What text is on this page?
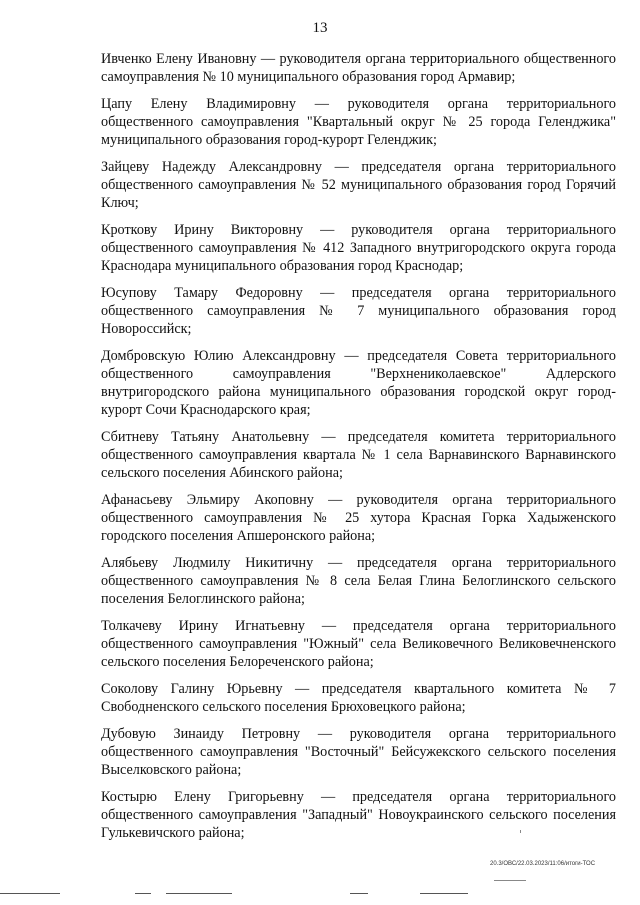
13

Ивченко Елену Ивановну — руководителя органа территориального общественного самоуправления № 10 муниципального образования город Армавир;

Цапу Елену Владимировну — руководителя органа территориального общественного самоуправления "Квартальный округ № 25 города Геленджика" муниципального образования город-курорт Геленджик;

Зайцеву Надежду Александровну — председателя органа территориального общественного самоуправления № 52 муниципального образования город Горячий Ключ;

Кроткову Ирину Викторовну — руководителя органа территориального общественного самоуправления № 412 Западного внутригородского округа города Краснодара муниципального образования город Краснодар;

Юсупову Тамару Федоровну — председателя органа территориального общественного самоуправления № 7 муниципального образования город Новороссийск;

Домбровскую Юлию Александровну — председателя Совета территориального общественного самоуправления "Верхнениколаевское" Адлерского внутригородского района муниципального образования городской округ город-курорт Сочи Краснодарского края;

Сбитневу Татьяну Анатольевну — председателя комитета территориального общественного самоуправления квартала № 1 села Варнавинского Варнавинского сельского поселения Абинского района;

Афанасьеву Эльмиру Акоповну — руководителя органа территориального общественного самоуправления № 25 хутора Красная Горка Хадыженского городского поселения Апшеронского района;

Алябьеву Людмилу Никитичну — председателя органа территориального общественного самоуправления № 8 села Белая Глина Белоглинского сельского поселения Белоглинского района;

Толкачеву Ирину Игнатьевну — председателя органа территориального общественного самоуправления "Южный" села Великовечного Великовечненского сельского поселения Белореченского района;

Соколову Галину Юрьевну — председателя квартального комитета № 7 Свободненского сельского поселения Брюховецкого района;

Дубовую Зинаиду Петровну — руководителя органа территориального общественного самоуправления "Восточный" Бейсужекского сельского поселения Выселковского района;

Костырю Елену Григорьевну — председателя органа территориального общественного самоуправления "Западный" Новоукраинского сельского поселения Гулькевичского района;

20.3/ОВС/22.03.2023/11:06/итоги-ТОС
